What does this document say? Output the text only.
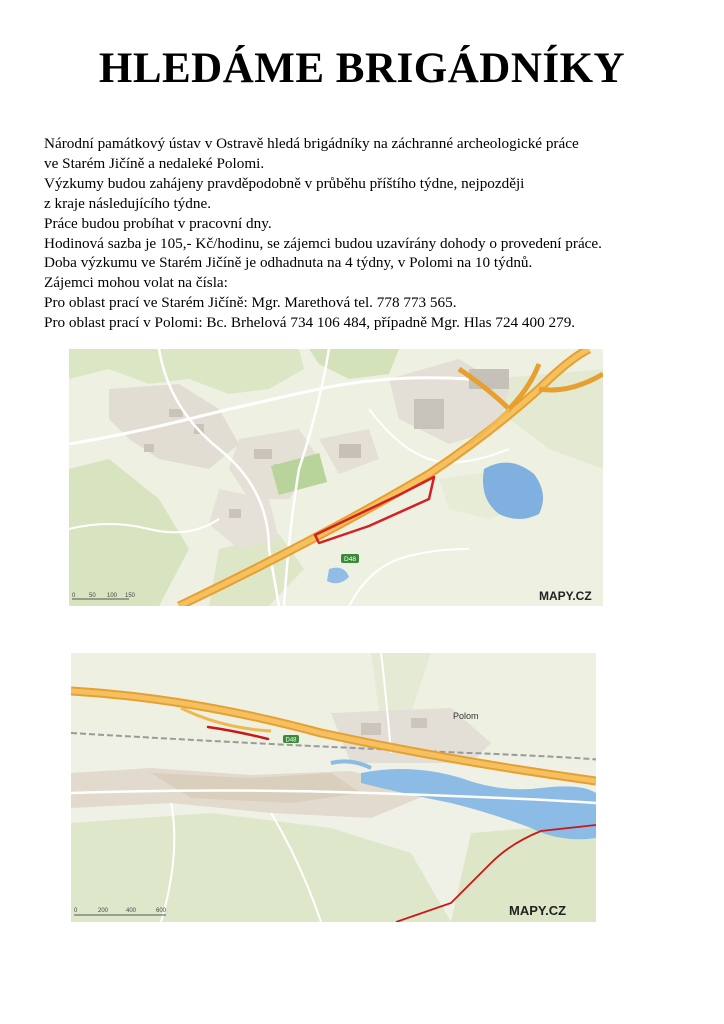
HLEDÁME BRIGÁDNÍKY
Národní památkový ústav v Ostravě hledá brigádníky na záchranné archeologické práce
ve Starém Jičíně a nedaleké Polomi.
Výzkumy budou zahájeny pravděpodobně v průběhu příštího týdne, nejpozději
z kraje následujícího týdne.
Práce budou probíhat v pracovní dny.
Hodinová sazba je 105,- Kč/hodinu, se zájemci budou uzavírány dohody o provedení práce.
Doba výzkumu ve Starém Jičíně je odhadnuta na 4 týdny, v Polomi na 10 týdnů.
Zájemci mohou volat na čísla:
Pro oblast prací ve Starém Jičíně: Mgr. Marethová tel. 778 773 565.
Pro oblast prací v Polomi: Bc. Brhelová 734 106 484, případně Mgr. Hlas 724 400 279.
D48
0 50 100 150	MAPY.CZ
D48
Polom
0	200	400	600	MAPY.CZ
